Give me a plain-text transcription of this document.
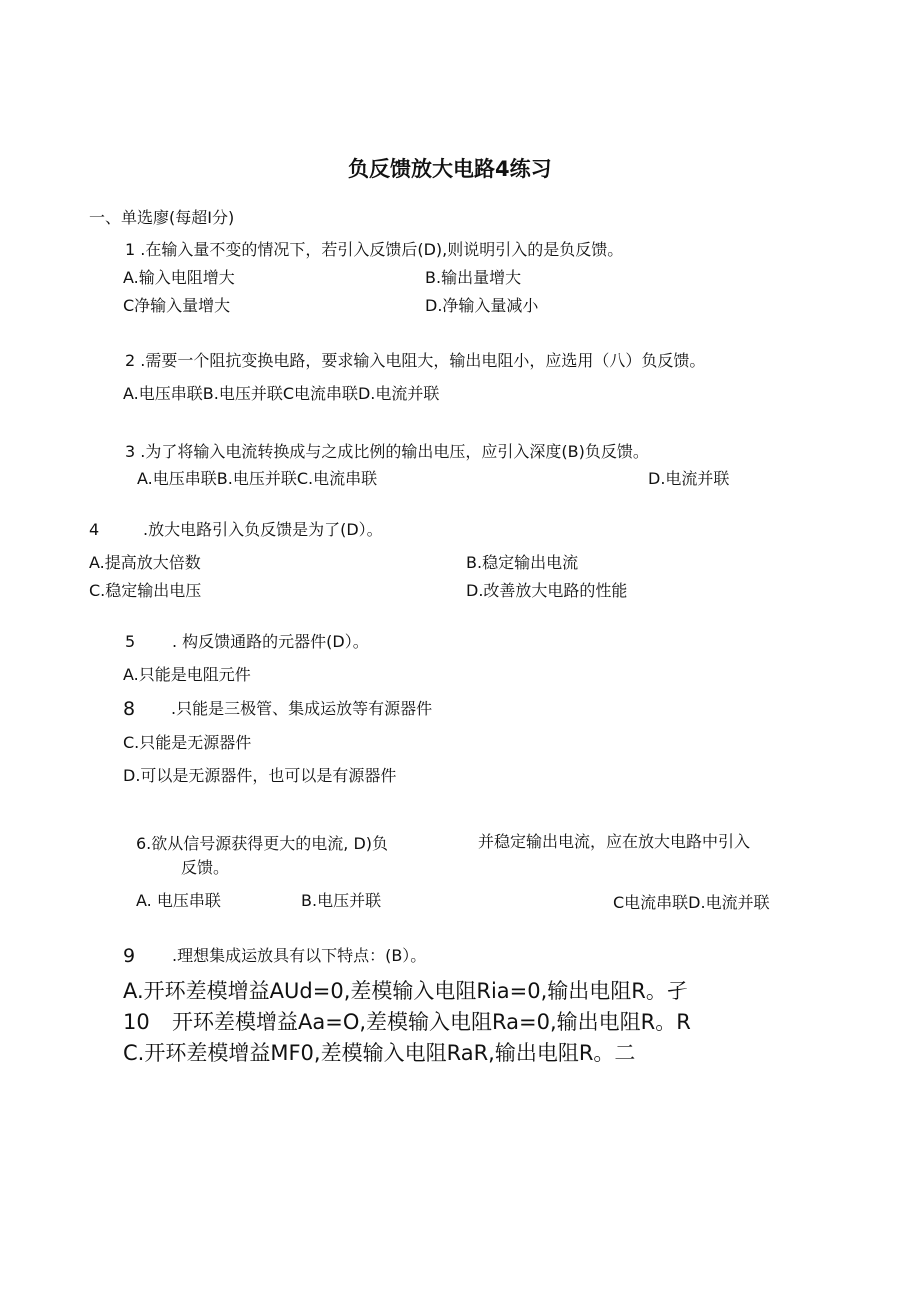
负反馈放大电路4练习
一、单选廖(每超I分)
1 .在输入量不变的情况下，若引入反馈后(D),则说明引入的是负反馈。
A.输入电阻增大	B.输出量增大
C净输入量增大	D.净输入量减小
2 .需要一个阻抗变换电路，要求输入电阻大，输出电阻小，应选用（八）负反馈。
A.电压串联B.电压并联C电流串联D.电流并联
3 .为了将输入电流转换成与之成比例的输出电压，应引入深度(B)负反馈。
A.电压串联B.电压并联C.电流串联	D.电流并联
4	.放大电路引入负反馈是为了(D）。
A.提高放大倍数	B.稳定输出电流
C.稳定输出电压	D.改善放大电路的性能
5 . 构反馈通路的元器件(D）。
A.只能是电阻元件
8 .只能是三极管、集成运放等有源器件
C.只能是无源器件
D.可以是无源器件，也可以是有源器件
6.欲从信号源获得更大的电流, D)负	并稳定输出电流，应在放大电路中引入
反馈。
A. 电压串联	B.电压并联	C电流串联D.电流并联
9 .理想集成运放具有以下特点：(B）。
A.开环差模增益AUd=0,差模输入电阻Ria=0,输出电阻R。孑
10 开环差模增益Aa=O,差模输入电阻Ra=0,输出电阻R。R
C.开环差模增益MF0,差模输入电阻RaR,输出电阻R。二
